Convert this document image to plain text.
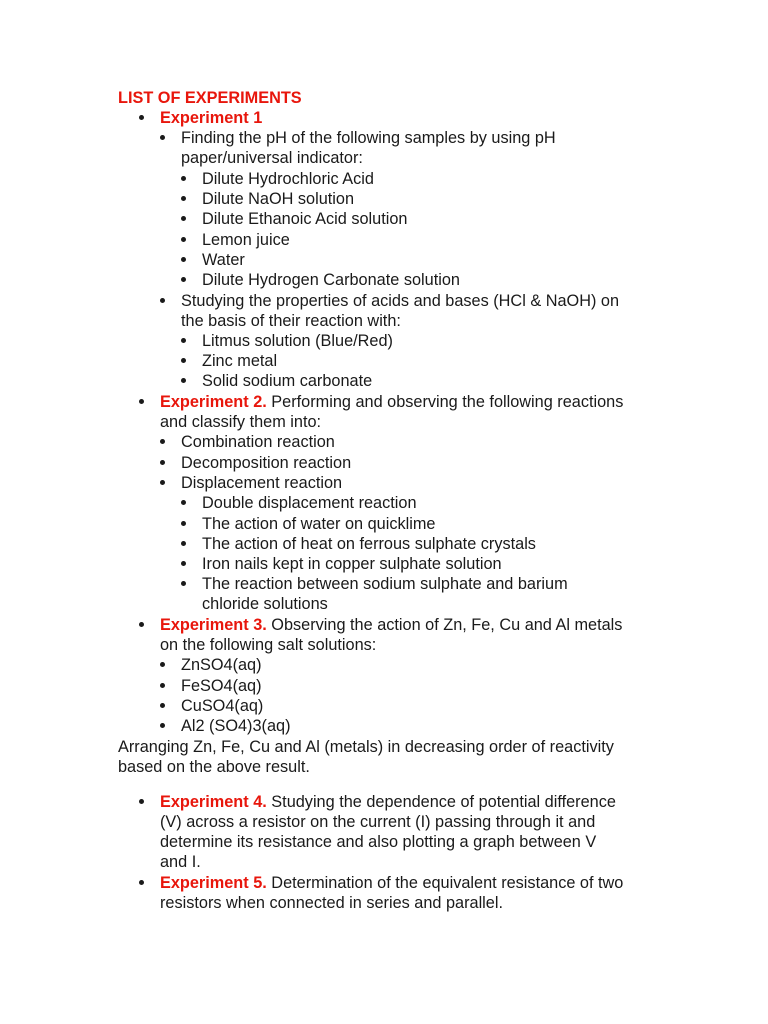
LIST OF EXPERIMENTS
Experiment 1
Finding the pH of the following samples by using pH
paper/universal indicator:
Dilute Hydrochloric Acid
Dilute NaOH solution
Dilute Ethanoic Acid solution
Lemon juice
Water
Dilute Hydrogen Carbonate solution
Studying the properties of acids and bases (HCl & NaOH) on
the basis of their reaction with:
Litmus solution (Blue/Red)
Zinc metal
Solid sodium carbonate
Experiment 2. Performing and observing the following reactions
and classify them into:
Combination reaction
Decomposition reaction
Displacement reaction
Double displacement reaction
The action of water on quicklime
The action of heat on ferrous sulphate crystals
Iron nails kept in copper sulphate solution
The reaction between sodium sulphate and barium
chloride solutions
Experiment 3. Observing the action of Zn, Fe, Cu and Al metals
on the following salt solutions:
ZnSO4(aq)
FeSO4(aq)
CuSO4(aq)
Al2 (SO4)3(aq)
Arranging Zn, Fe, Cu and Al (metals) in decreasing order of reactivity
based on the above result.
Experiment 4. Studying the dependence of potential difference
(V) across a resistor on the current (I) passing through it and
determine its resistance and also plotting a graph between V
and I.
Experiment 5. Determination of the equivalent resistance of two
resistors when connected in series and parallel.
